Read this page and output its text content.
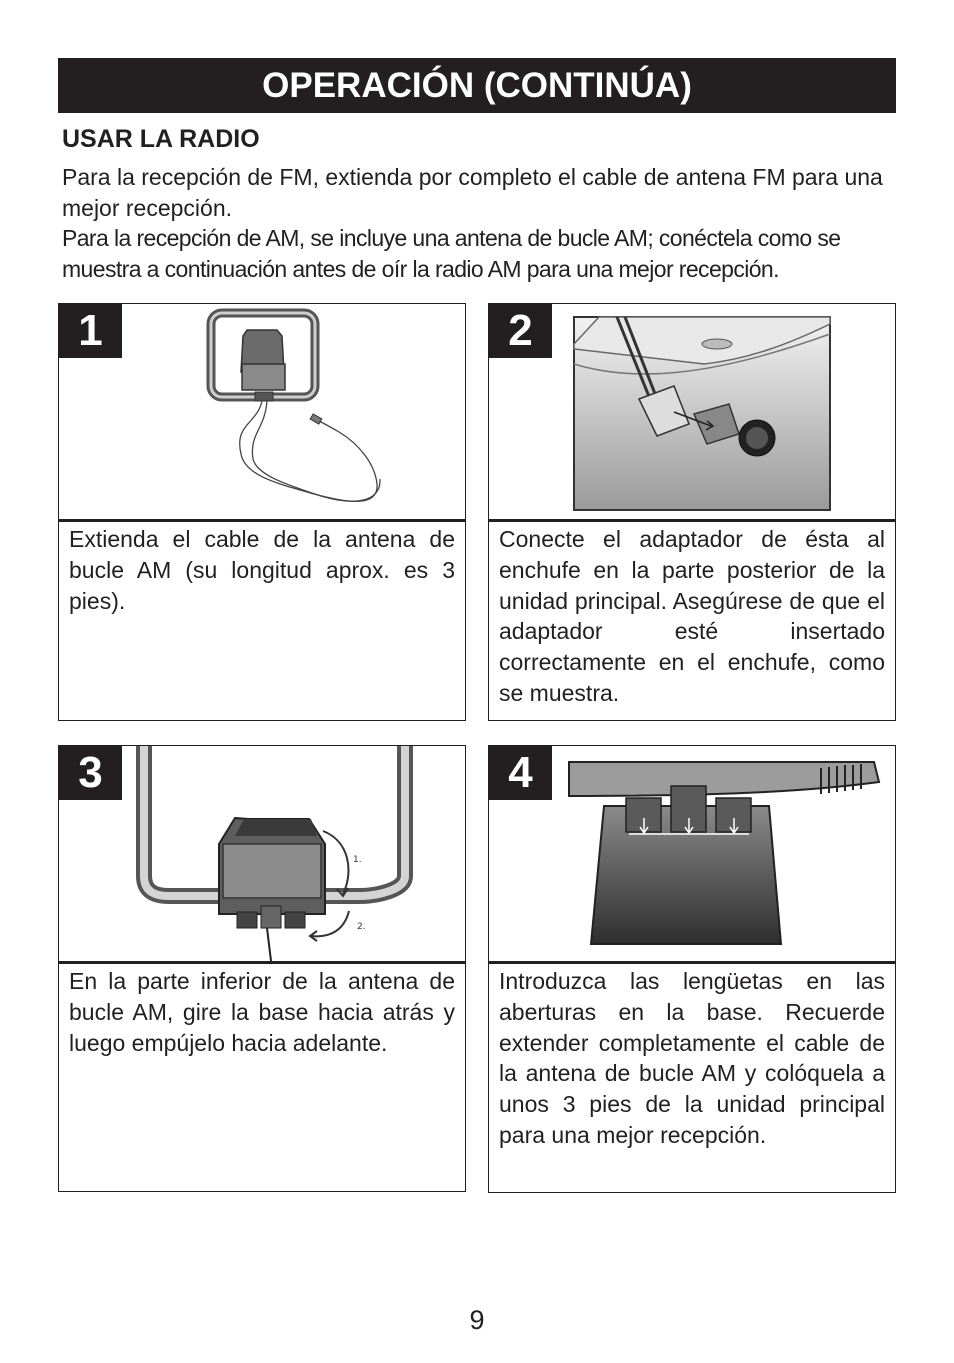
OPERACIÓN (CONTINÚA)
USAR LA RADIO

Para la recepción de FM, extienda por completo el cable de antena FM para una mejor recepción.

Para la recepción de AM, se incluye una antena de bucle AM; conéctela como se muestra a continuación antes de oír la radio AM para una mejor recepción.

1
Extienda el cable de la antena de bucle AM (su longitud aprox. es 3 pies).
2
Conecte el adaptador de ésta al enchufe en la parte posterior de la unidad principal. Asegúrese de que el adaptador esté insertado correctamente en el enchufe, como se muestra.
3
1.
2.
En la parte inferior de la antena de bucle AM, gire la base hacia atrás y luego empújelo hacia adelante.
4
Introduzca las lengüetas en las aberturas en la base. Recuerde extender completamente el cable de la antena de bucle AM y colóquela a unos 3 pies de la unidad principal para una mejor recepción.
9
